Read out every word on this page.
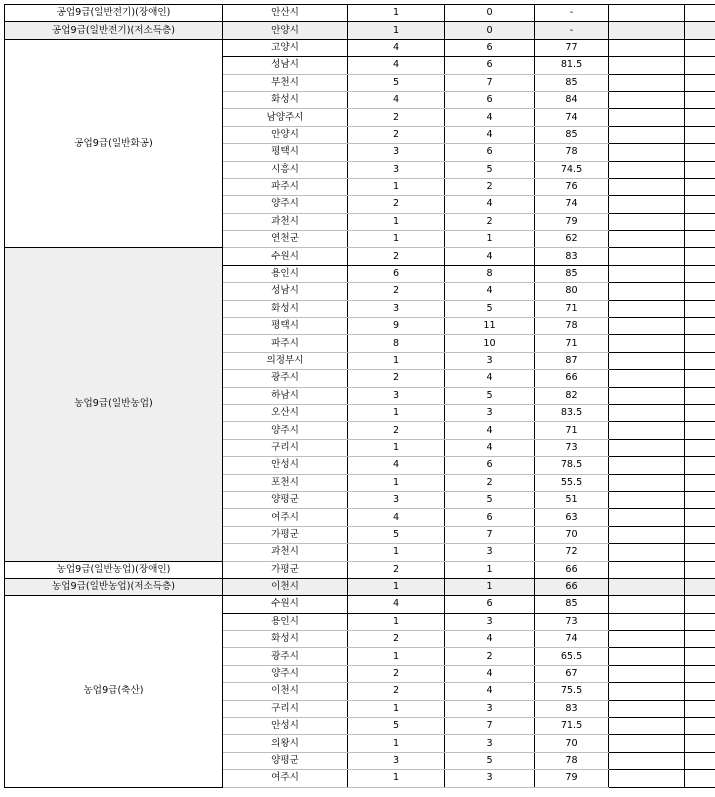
공업9급(일반전기)(장애인)	안산시	1	0	-		
공업9급(일반전기)(저소득층)	안양시	1	0	-		
공업9급(일반화공)	고양시	4	6	77		
	성남시	4	6	81.5		
	부천시	5	7	85		
	화성시	4	6	84		
	남양주시	2	4	74		
	안양시	2	4	85		
	평택시	3	6	78		
	시흥시	3	5	74.5		
	파주시	1	2	76		
	양주시	2	4	74		
	과천시	1	2	79		
	연천군	1	1	62		
농업9급(일반농업)	수원시	2	4	83		
	용인시	6	8	85		
	성남시	2	4	80		
	화성시	3	5	71		
	평택시	9	11	78		
	파주시	8	10	71		
	의정부시	1	3	87		
	광주시	2	4	66		
	하남시	3	5	82		
	오산시	1	3	83.5		
	양주시	2	4	71		
	구리시	1	4	73		
	안성시	4	6	78.5		
	포천시	1	2	55.5		
	양평군	3	5	51		
	여주시	4	6	63		
	가평군	5	7	70		
	과천시	1	3	72		
농업9급(일반농업)(장애인)	가평군	2	1	66		
농업9급(일반농업)(저소득층)	이천시	1	1	66		
농업9급(축산)	수원시	4	6	85		
	용인시	1	3	73		
	화성시	2	4	74		
	광주시	1	2	65.5		
	양주시	2	4	67		
	이천시	2	4	75.5		
	구리시	1	3	83		
	안성시	5	7	71.5		
	의왕시	1	3	70		
	양평군	3	5	78		
	여주시	1	3	79		
